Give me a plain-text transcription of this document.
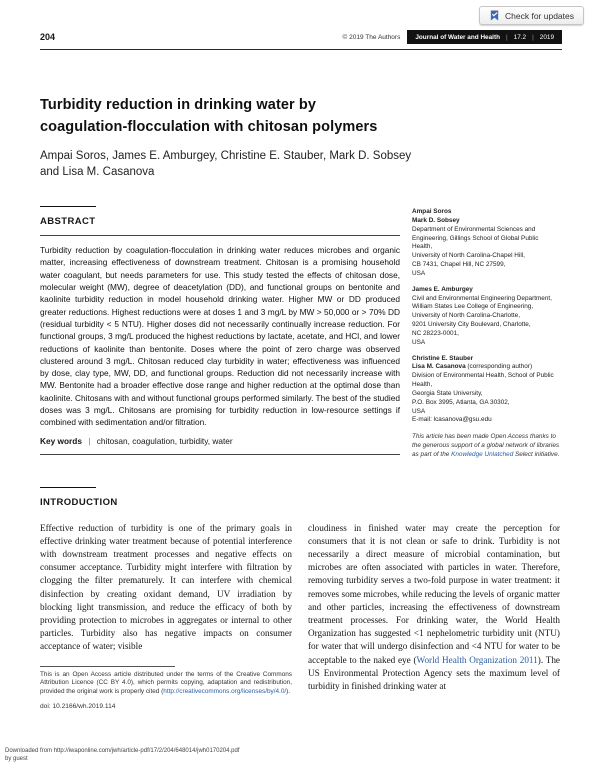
Check for updates
204	© 2019 The Authors Journal of Water and Health | 17.2 | 2019
Turbidity reduction in drinking water by
coagulation-flocculation with chitosan polymers
Ampai Soros, James E. Amburgey, Christine E. Stauber, Mark D. Sobsey
and Lisa M. Casanova
ABSTRACT

Turbidity reduction by coagulation-flocculation in drinking water reduces microbes and organic matter, increasing effectiveness of downstream treatment. Chitosan is a promising household water coagulant, but needs parameters for use. This study tested the effects of chitosan dose, molecular weight (MW), degree of deacetylation (DD), and functional groups on bentonite and kaolinite turbidity reduction in model household drinking water. Higher MW or DD produced greater reductions. Highest reductions were at doses 1 and 3 mg/L by MW > 50,000 or > 70% DD (residual turbidity < 5 NTU). Higher doses did not necessarily continually increase reduction. For functional groups, 3 mg/L produced the highest reductions by lactate, acetate, and HCl, and lower reductions of kaolinite than bentonite. Doses where the point of zero charge was observed clustered around 3 mg/L. Chitosan reduced clay turbidity in water; effectiveness was influenced by dose, clay type, MW, DD, and functional groups. Reduction did not necessarily increase with MW. Bentonite had a broader effective dose range and higher reduction at the optimal dose than kaolinite. Chitosans with and without functional groups performed similarly. The best of the studied doses was 3 mg/L. Chitosans are promising for turbidity reduction in low-resource settings if combined with sedimentation and/or filtration.

Key words | chitosan, coagulation, turbidity, water
Ampai Soros
Mark D. Sobsey
Department of Environmental Sciences and
Engineering, Gillings School of Global Public
Health,
University of North Carolina-Chapel Hill,
CB 7431, Chapel Hill, NC 27599,
USA
James E. Amburgey
Civil and Environmental Engineering Department,
William States Lee College of Engineering,
University of North Carolina-Charlotte,
9201 University City Boulevard, Charlotte,
NC 28223-0001,
USA
Christine E. Stauber
Lisa M. Casanova (corresponding author)
Division of Environmental Health, School of Public
Health,
Georgia State University,
P.O. Box 3995, Atlanta, GA 30302,
USA
E-mail: lcasanova@gsu.edu

This article has been made Open Access thanks to the generous support of a global network of libraries as part of the Knowledge Unlatched Select initiative.

INTRODUCTION

Effective reduction of turbidity is one of the primary goals in effective drinking water treatment because of potential interference with downstream treatment processes and negative effects on consumer acceptance. Turbidity might interfere with filtration by clogging the filter prematurely. It can interfere with chemical disinfection by creating oxidant demand, UV irradiation by blocking light transmission, and reduce the efficacy of both by providing protection to microbes in aggregates or internal to other particles. Turbidity also has negative impacts on consumer acceptance of water; visible

This is an Open Access article distributed under the terms of the Creative Commons Attribution Licence (CC BY 4.0), which permits copying, adaptation and redistribution, provided the original work is properly cited (http://creativecommons.org/licenses/by/4.0/).

doi: 10.2166/wh.2019.114

cloudiness in finished water may create the perception for consumers that it is not clean or safe to drink. Turbidity is not necessarily a direct measure of microbial contamination, but microbes are often associated with particles in water. Therefore, removing turbidity serves a two-fold purpose in water treatment: it removes some microbes, while reducing the levels of organic matter and other particles, increasing the effectiveness of downstream treatment processes. For drinking water, the World Health Organization has suggested <1 nephelometric turbidity unit (NTU) for water that will undergo disinfection and <4 NTU for water to be acceptable to the naked eye (World Health Organization 2011). The US Environmental Protection Agency sets the maximum level of turbidity in finished drinking water at

Downloaded from http://iwaponline.com/jwh/article-pdf/17/2/204/648014/jwh0170204.pdf
by guest
